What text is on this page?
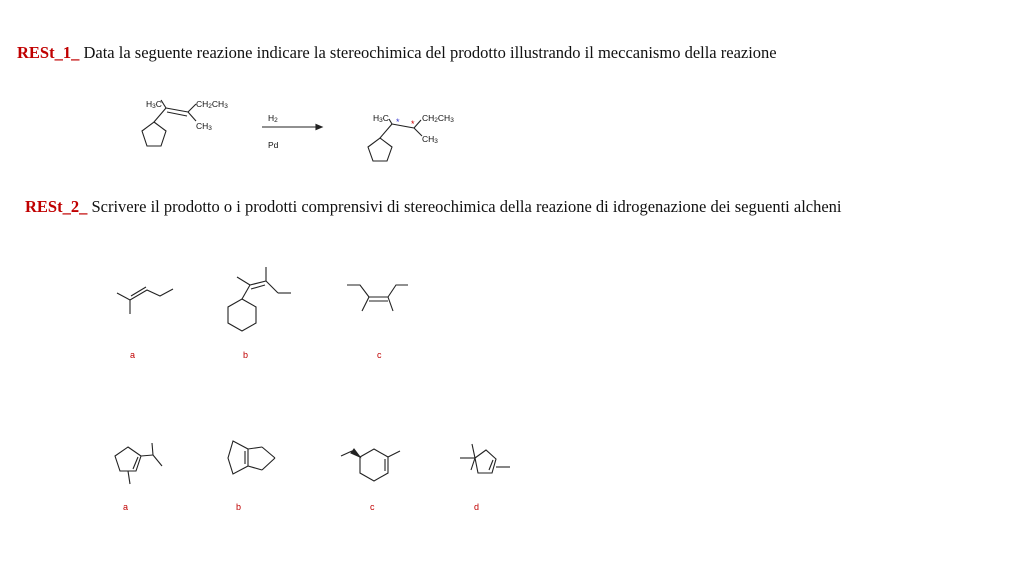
RESt_1_ Data la seguente reazione indicare la stereochimica del prodotto illustrando il meccanismo della reazione

RESt_2_ Scrivere il prodotto o i prodotti comprensivi di stereochimica della reazione di idrogenazione dei seguenti alcheni

$H_3C$	$CH_2CH_3$
$CH_3$
$H_2$
Pd
$H_3C$	$CH_2CH_3$
$CH_3$
* *
a	b	c
a	b	c	d
